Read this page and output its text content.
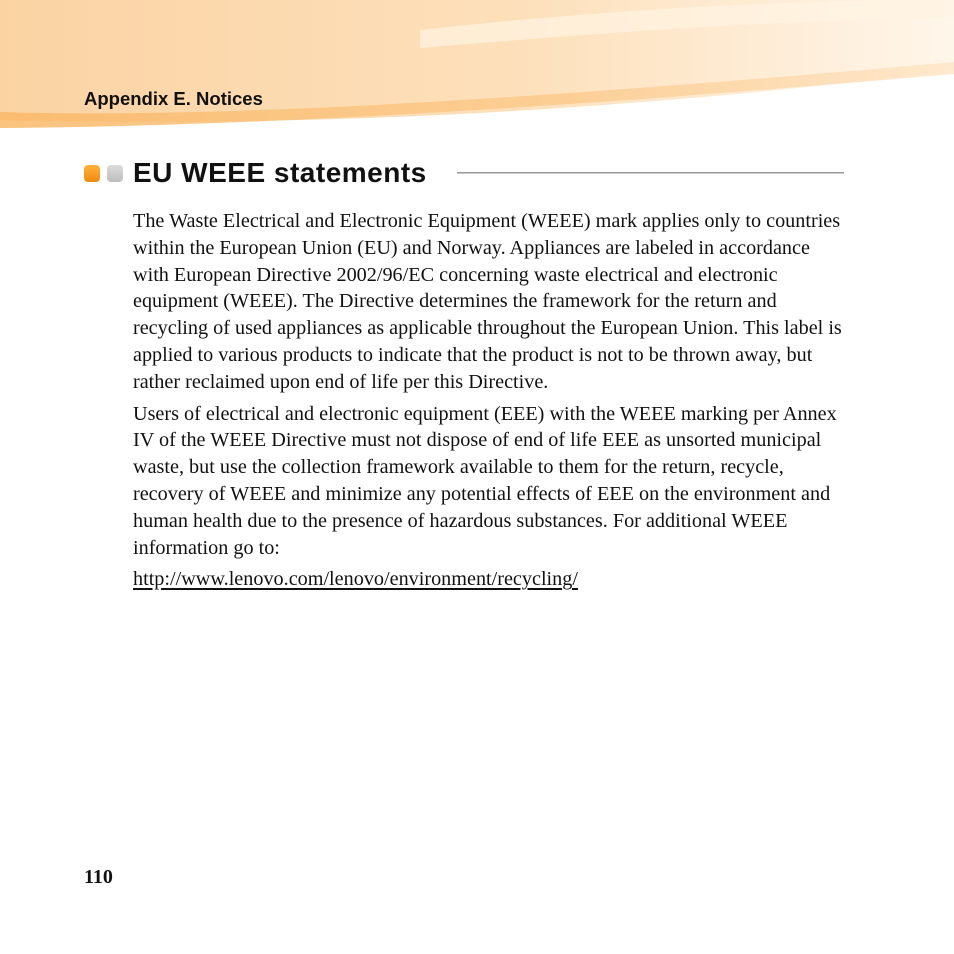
Appendix E. Notices
EU WEEE statements

The Waste Electrical and Electronic Equipment (WEEE) mark applies only to countries within the European Union (EU) and Norway. Appliances are labeled in accordance with European Directive 2002/96/EC concerning waste electrical and electronic equipment (WEEE). The Directive determines the framework for the return and recycling of used appliances as applicable throughout the European Union. This label is applied to various products to indicate that the product is not to be thrown away, but rather reclaimed upon end of life per this Directive.

Users of electrical and electronic equipment (EEE) with the WEEE marking per Annex IV of the WEEE Directive must not dispose of end of life EEE as unsorted municipal waste, but use the collection framework available to them for the return, recycle, recovery of WEEE and minimize any potential effects of EEE on the environment and human health due to the presence of hazardous substances. For additional WEEE information go to:

http://www.lenovo.com/lenovo/environment/recycling/

110
